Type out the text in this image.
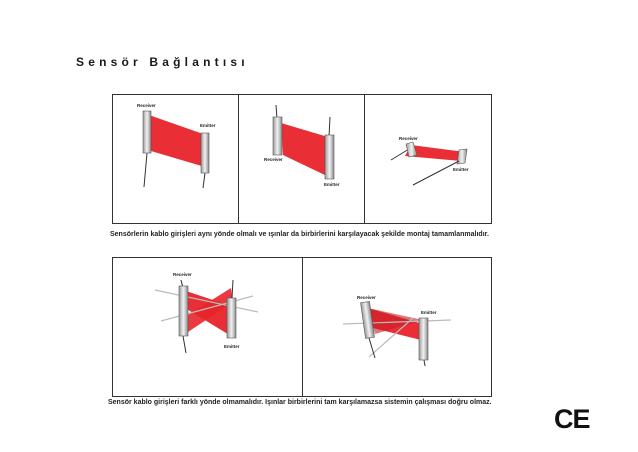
Sensör Bağlantısı
Receiver
Emitter
Receiver
Emitter
Receiver
Emitter
Sensörlerin kablo girişleri aynı yönde olmalı ve ışınlar da birbirlerini karşılayacak şekilde montaj tamamlanmalıdır.
Receiver
Emitter
Receiver
Emitter
Sensör kablo girişleri farklı yönde olmamalıdır. Işınlar birbirlerini tam karşılamazsa sistemin çalışması doğru olmaz.
CE
